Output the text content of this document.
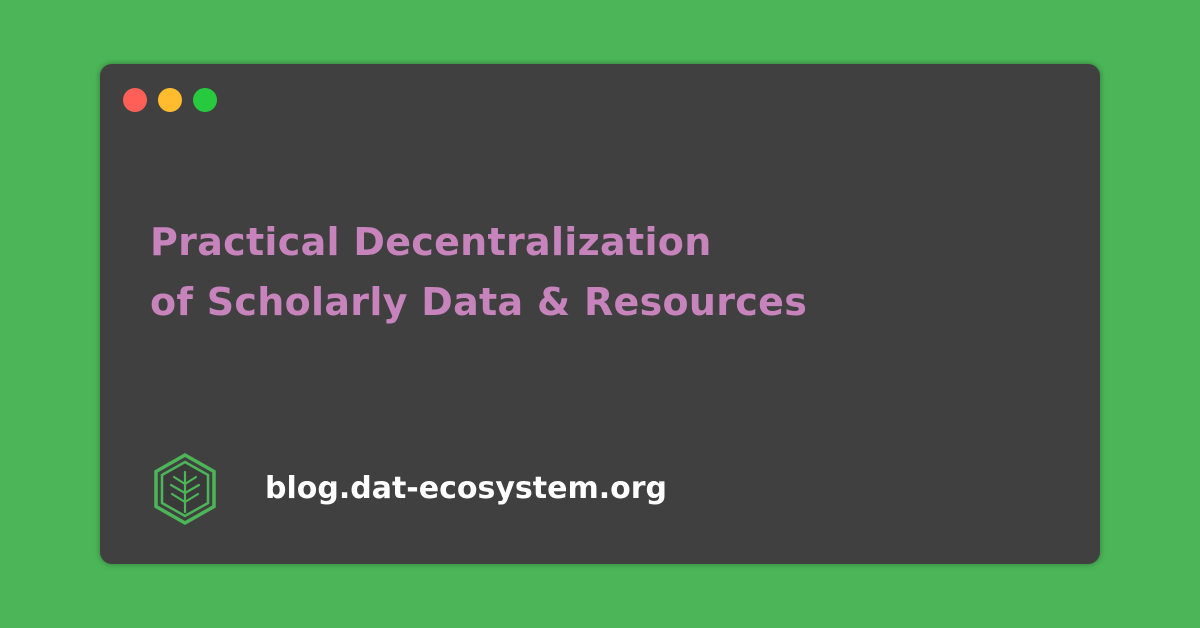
Practical Decentralization
of Scholarly Data & Resources
blog.dat-ecosystem.org
